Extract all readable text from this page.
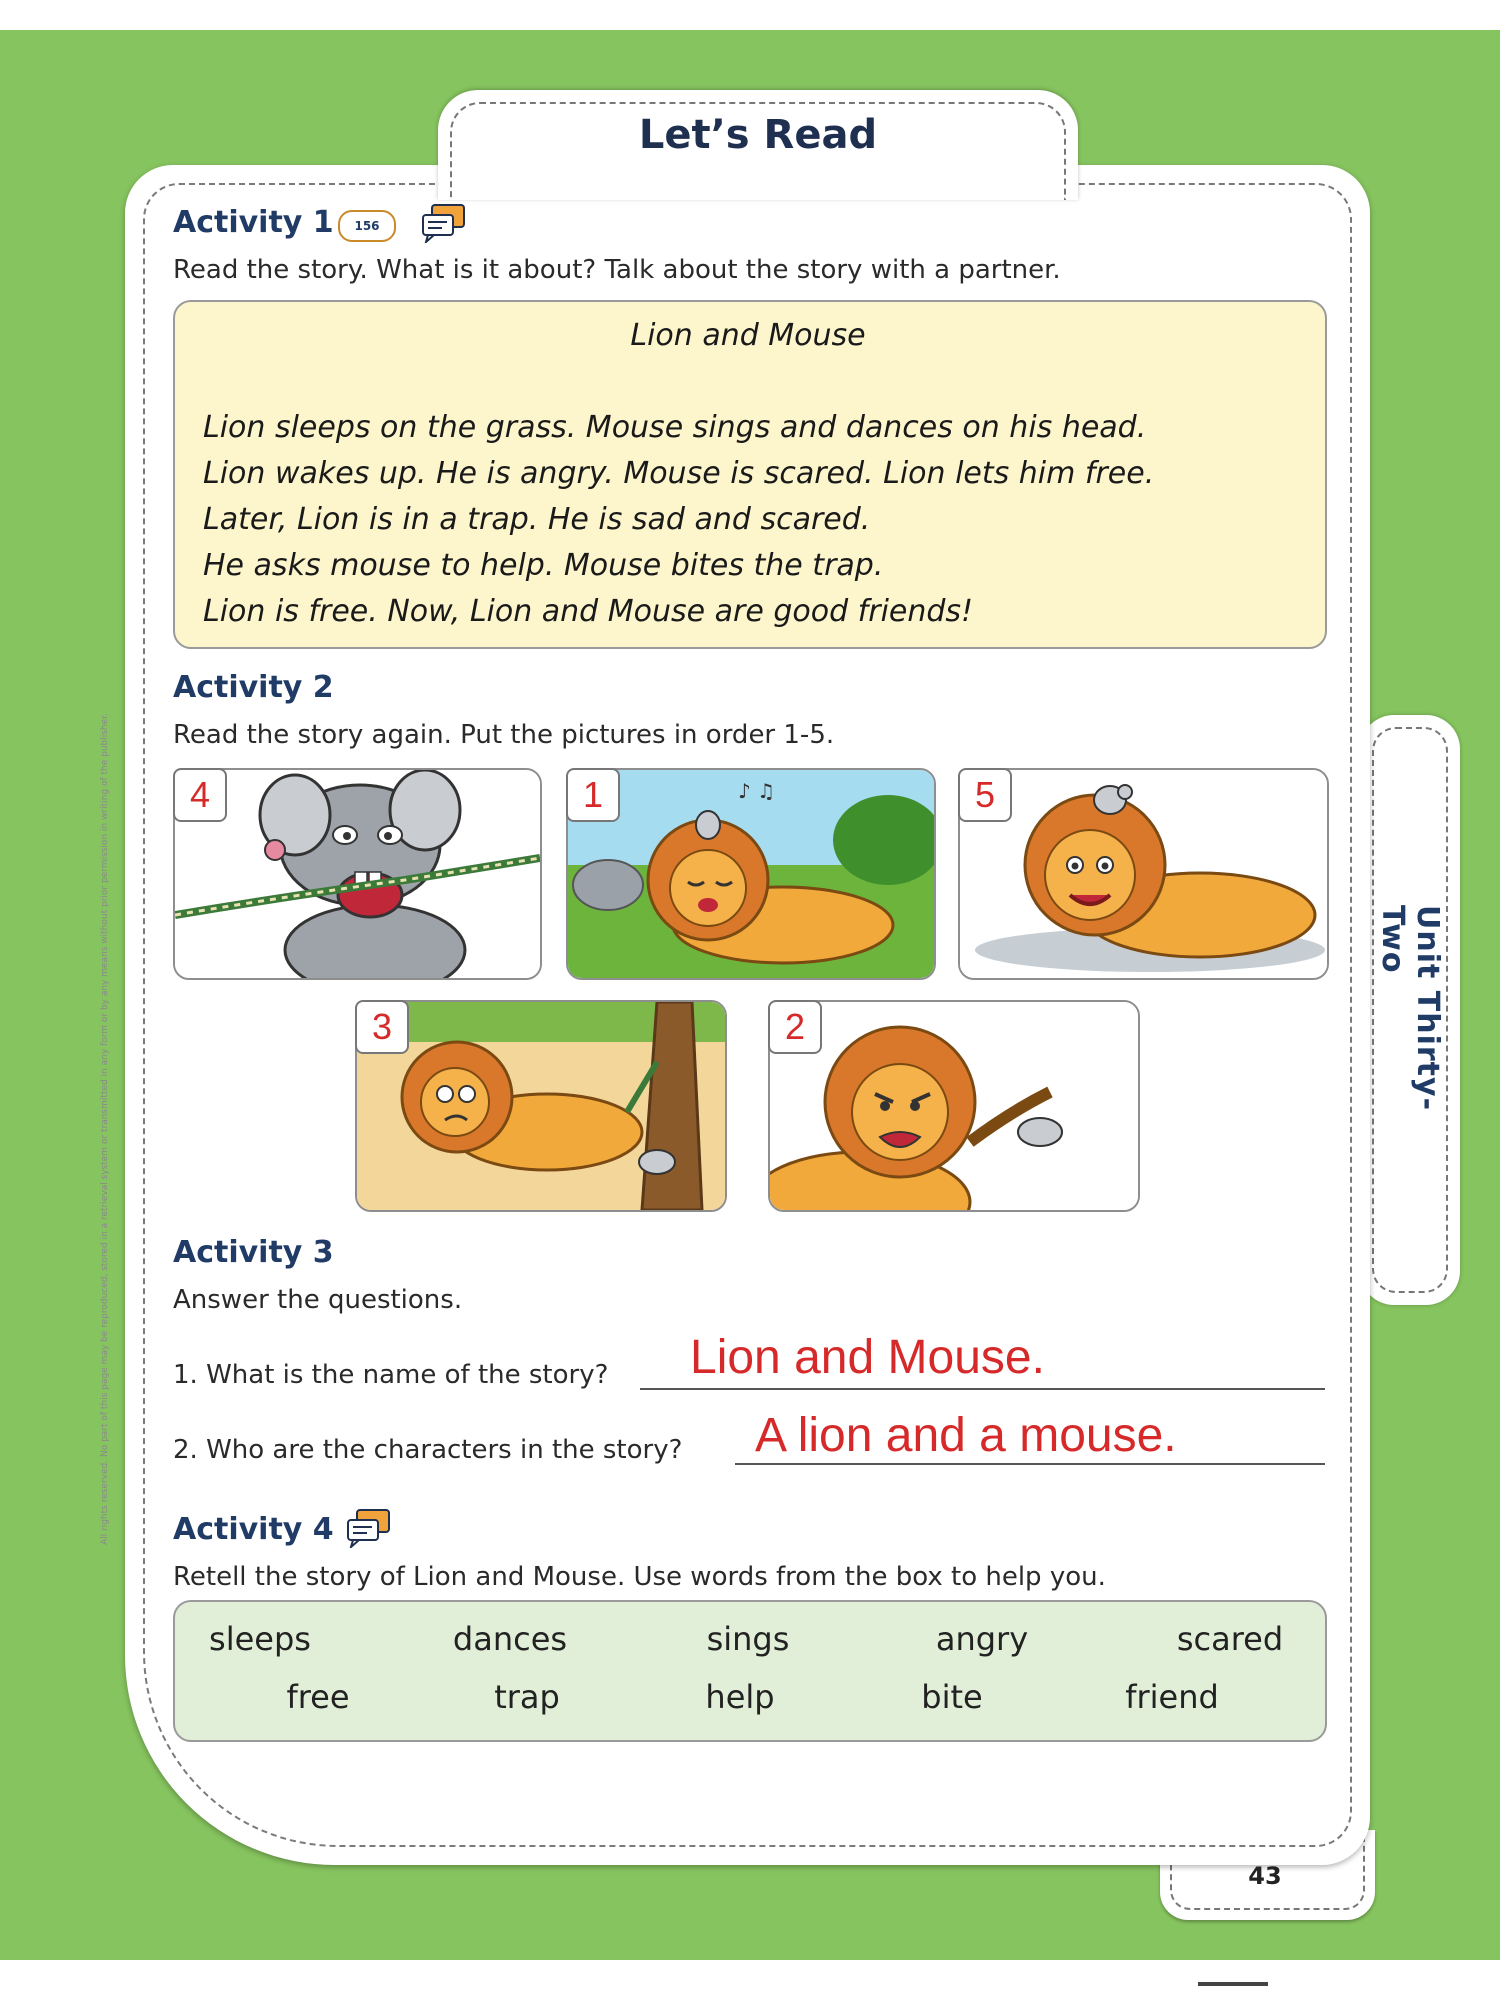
Unit Thirty-Two
Let’s Read
43
All rights reserved. No part of this page may be reproduced, stored in a retrieval system or transmitted in any form or by any means without prior permission in writing of the publisher.
Activity 1 156
Read the story. What is it about? Talk about the story with a partner.
Lion and Mouse
Lion sleeps on the grass. Mouse sings and dances on his head.
Lion wakes up. He is angry. Mouse is scared. Lion lets him free.
Later, Lion is in a trap. He is sad and scared.
He asks mouse to help. Mouse bites the trap.
Lion is free. Now, Lion and Mouse are good friends!
Activity 2
Read the story again. Put the pictures in order 1-5.
4	♪ ♫
1	5
3	2
Activity 3
Answer the questions.
1. What is the name of the story? Lion and Mouse.
2. Who are the characters in the story? A lion and a mouse.
Activity 4
Retell the story of Lion and Mouse. Use words from the box to help you.
sleeps	dances	sings	angry	scared
free	trap	help	bite	friend
